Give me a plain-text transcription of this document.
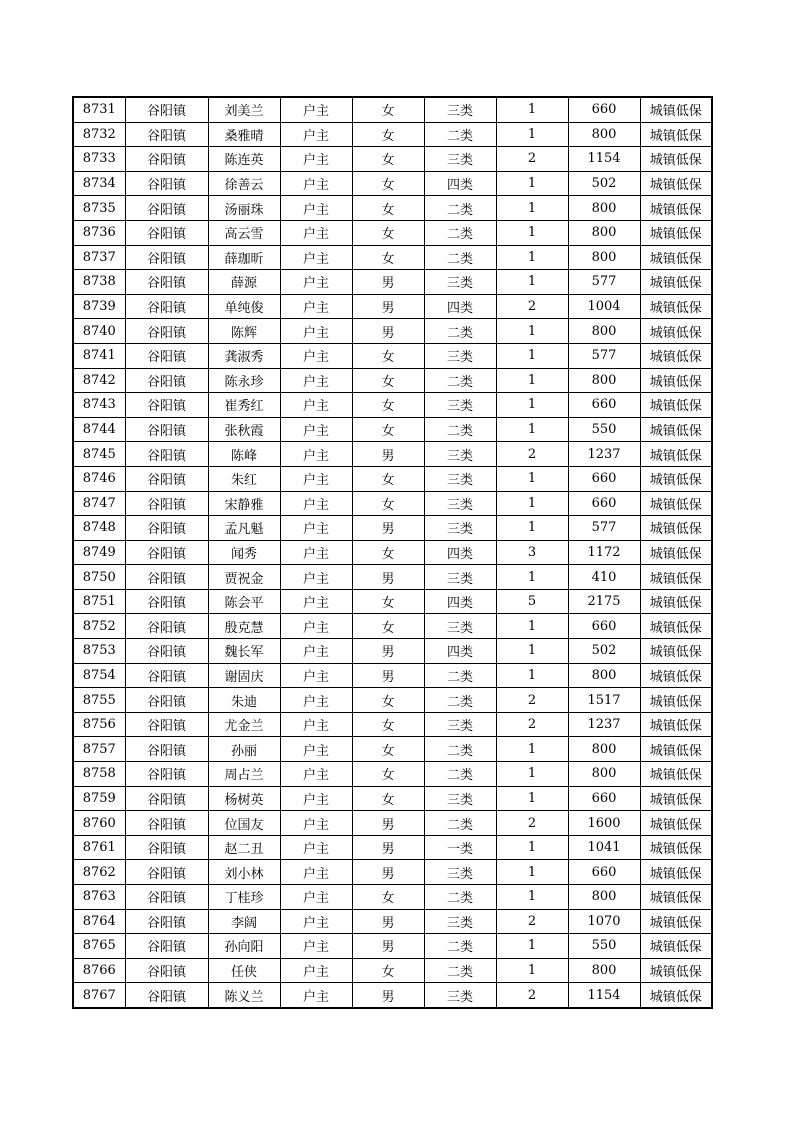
8731	谷阳镇	刘美兰	户主	女	三类	1	660	城镇低保
8732	谷阳镇	桑雅晴	户主	女	二类	1	800	城镇低保
8733	谷阳镇	陈连英	户主	女	三类	2	1154	城镇低保
8734	谷阳镇	徐善云	户主	女	四类	1	502	城镇低保
8735	谷阳镇	汤丽珠	户主	女	二类	1	800	城镇低保
8736	谷阳镇	高云雪	户主	女	二类	1	800	城镇低保
8737	谷阳镇	薛珈昕	户主	女	二类	1	800	城镇低保
8738	谷阳镇	薛源	户主	男	三类	1	577	城镇低保
8739	谷阳镇	单纯俊	户主	男	四类	2	1004	城镇低保
8740	谷阳镇	陈辉	户主	男	二类	1	800	城镇低保
8741	谷阳镇	龚淑秀	户主	女	三类	1	577	城镇低保
8742	谷阳镇	陈永珍	户主	女	二类	1	800	城镇低保
8743	谷阳镇	崔秀红	户主	女	三类	1	660	城镇低保
8744	谷阳镇	张秋霞	户主	女	二类	1	550	城镇低保
8745	谷阳镇	陈峰	户主	男	三类	2	1237	城镇低保
8746	谷阳镇	朱红	户主	女	三类	1	660	城镇低保
8747	谷阳镇	宋静雅	户主	女	三类	1	660	城镇低保
8748	谷阳镇	孟凡魁	户主	男	三类	1	577	城镇低保
8749	谷阳镇	闻秀	户主	女	四类	3	1172	城镇低保
8750	谷阳镇	贾祝金	户主	男	三类	1	410	城镇低保
8751	谷阳镇	陈会平	户主	女	四类	5	2175	城镇低保
8752	谷阳镇	殷克慧	户主	女	三类	1	660	城镇低保
8753	谷阳镇	魏长军	户主	男	四类	1	502	城镇低保
8754	谷阳镇	谢固庆	户主	男	二类	1	800	城镇低保
8755	谷阳镇	朱迪	户主	女	二类	2	1517	城镇低保
8756	谷阳镇	尤金兰	户主	女	三类	2	1237	城镇低保
8757	谷阳镇	孙丽	户主	女	二类	1	800	城镇低保
8758	谷阳镇	周占兰	户主	女	二类	1	800	城镇低保
8759	谷阳镇	杨树英	户主	女	三类	1	660	城镇低保
8760	谷阳镇	位国友	户主	男	二类	2	1600	城镇低保
8761	谷阳镇	赵二丑	户主	男	一类	1	1041	城镇低保
8762	谷阳镇	刘小林	户主	男	三类	1	660	城镇低保
8763	谷阳镇	丁桂珍	户主	女	二类	1	800	城镇低保
8764	谷阳镇	李阔	户主	男	三类	2	1070	城镇低保
8765	谷阳镇	孙向阳	户主	男	二类	1	550	城镇低保
8766	谷阳镇	任侠	户主	女	二类	1	800	城镇低保
8767	谷阳镇	陈义兰	户主	男	三类	2	1154	城镇低保
